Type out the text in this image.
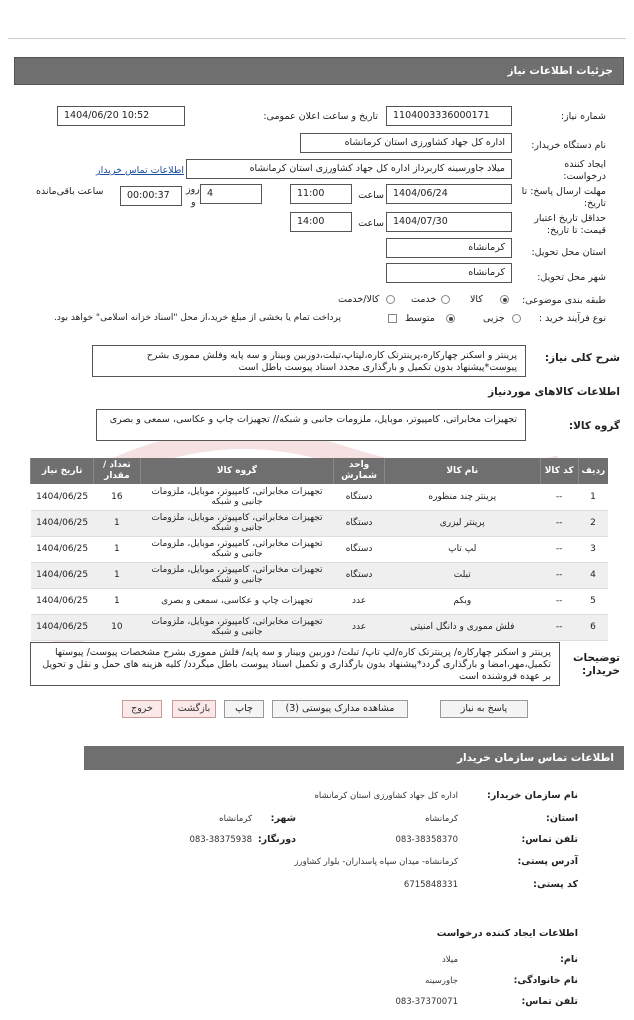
جزئیات اطلاعات نیاز
شماره نیاز:
1104003336000171
تاریخ و ساعت اعلان عمومی:
1404/06/20 10:52
نام دستگاه خریدار:
اداره کل جهاد کشاورزی استان کرمانشاه
ایجاد کننده
درخواست:
میلاد جاورسینه کاربرداز اداره کل جهاد کشاورزی استان کرمانشاه
اطلاعات تماس خریدار
مهلت ارسال پاسخ: تا
تاریخ:
1404/06/24
ساعت
11:00
4
روز
و
00:00:37
ساعت باقی‌مانده
حداقل تاریخ اعتبار
قیمت: تا تاریخ:
1404/07/30
ساعت
14:00
استان محل تحویل:
کرمانشاه
شهر محل تحویل:
کرمانشاه
طبقه بندی موضوعی:
کالا
خدمت
کالا/خدمت
نوع فرآیند خرید :
جزیی
متوسط
پرداخت تمام یا بخشی از مبلغ خرید،از محل "اسناد خزانه اسلامی" خواهد بود.
شرح کلی نیاز:
پرینتر و اسکنر چهارکاره،پرینترتک کاره،لپتاپ،تبلت،دوربین وبینار و سه پایه وفلش مموری بشرح پیوست*پیشنهاد بدون تکمیل و بارگذاری مجدد اسناد پیوست باطل است
اطلاعات کالاهای موردنیاز
گروه کالا:
تجهیزات مخابراتی، کامپیوتر، موبایل، ملزومات جانبی و شبکه// تجهیزات چاپ و عکاسی، سمعی و بصری
ردیف	کد کالا	نام کالا	واحد شمارش	گروه کالا	تعداد / مقدار	تاریخ نیاز
1	--	پرینتر چند منظوره	دستگاه	تجهیزات مخابراتی، کامپیوتر، موبایل، ملزومات جانبی و شبکه	16	1404/06/25
2	--	پرینتر لیزری	دستگاه	تجهیزات مخابراتی، کامپیوتر، موبایل، ملزومات جانبی و شبکه	1	1404/06/25
3	--	لپ تاپ	دستگاه	تجهیزات مخابراتی، کامپیوتر، موبایل، ملزومات جانبی و شبکه	1	1404/06/25
4	--	تبلت	دستگاه	تجهیزات مخابراتی، کامپیوتر، موبایل، ملزومات جانبی و شبکه	1	1404/06/25
5	--	وبکم	عدد	تجهیزات چاپ و عکاسی، سمعی و بصری	1	1404/06/25
6	--	فلش مموری و دانگل امنیتی	عدد	تجهیزات مخابراتی، کامپیوتر، موبایل، ملزومات جانبی و شبکه	10	1404/06/25
توضیحات
خریدار:
پرینتر و اسکنر چهارکاره/ پرینترتک کاره/لپ تاپ/ تبلت/ دوربین وبینار و سه پایه/ فلش مموری بشرح مشخصات پیوست/ پیوستها تکمیل،مهر،امضا و بارگذاری گردد*پیشنهاد بدون بارگذاری و تکمیل اسناد پیوست باطل میگردد/ کلیه هزینه های حمل و نقل و تحویل بر عهده فروشنده است
پاسخ به نیاز
مشاهده مدارک پیوستی (3)
چاپ
بازگشت
خروج
اطلاعات تماس سازمان خریدار
نام سازمان خریدار:
اداره کل جهاد کشاورزی استان کرمانشاه
استان:
کرمانشاه
شهر:
کرمانشاه
تلفن تماس:
083-38358370
دورنگار:
083-38375938
آدرس پستی:
کرمانشاه- میدان سپاه پاسداران- بلوار کشاورز
کد پستی:
6715848331
اطلاعات ایجاد کننده درخواست
نام:
میلاد
نام خانوادگی:
جاورسینه
تلفن تماس:
083-37370071
